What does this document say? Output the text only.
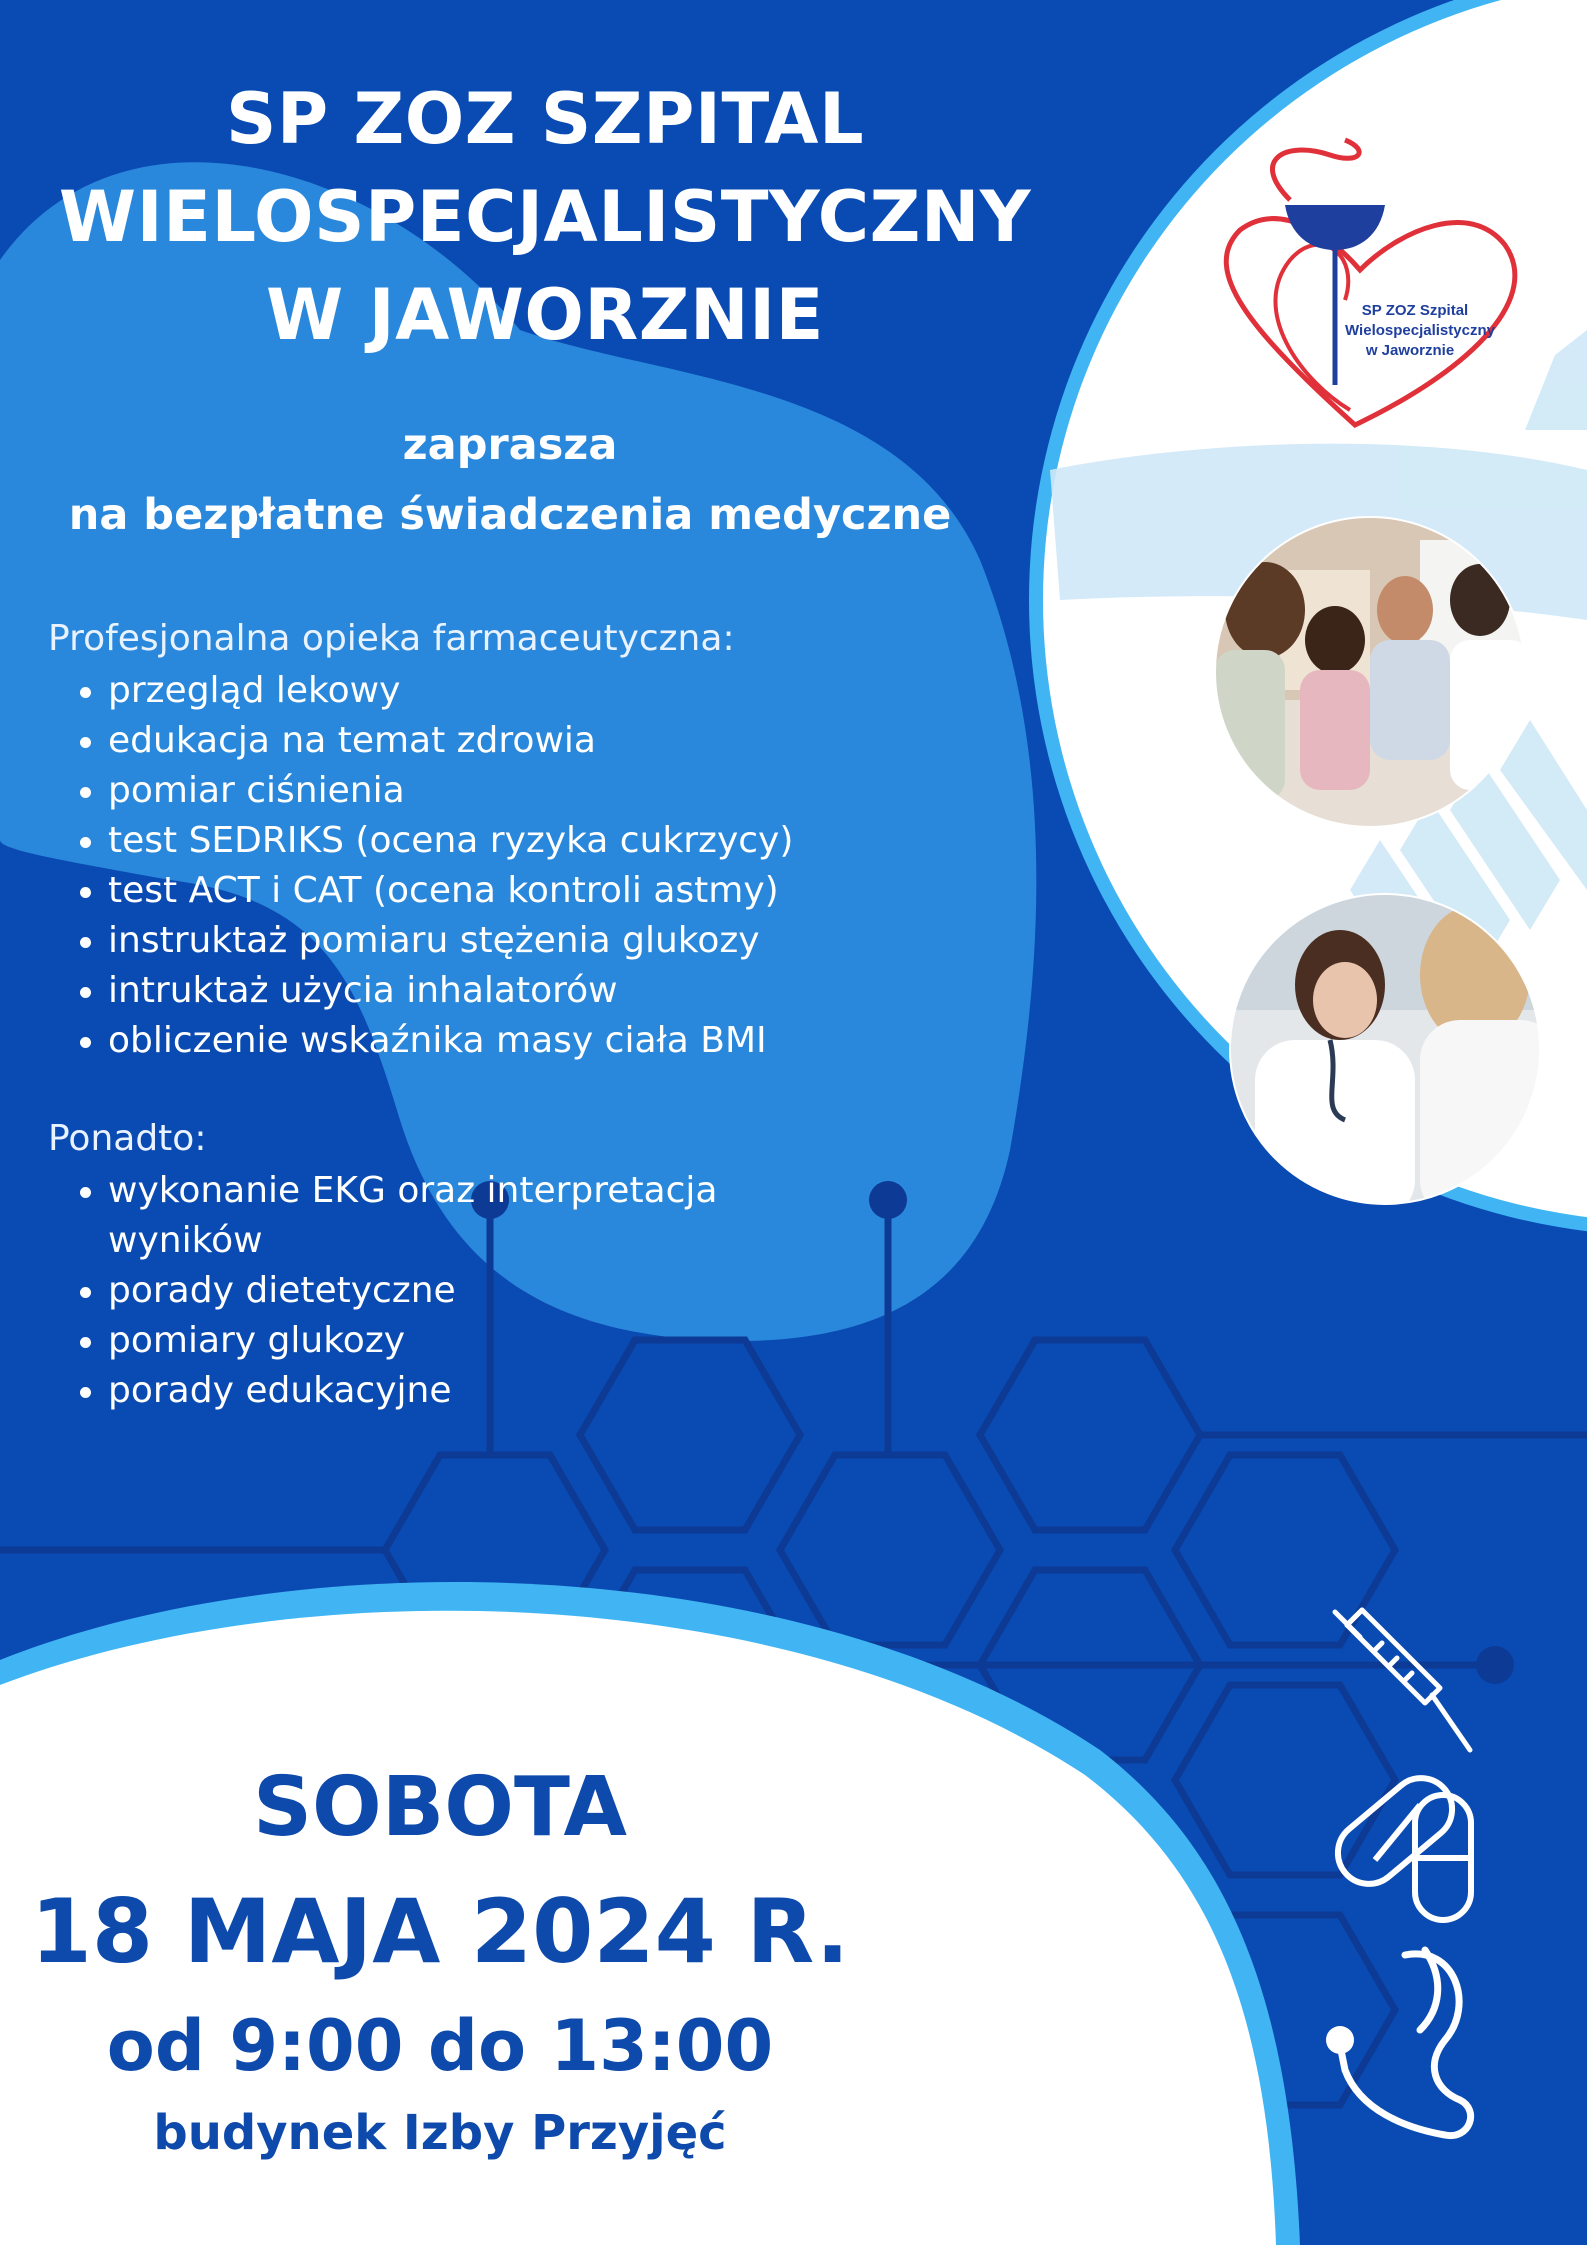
SP ZOZ Szpital
Wielospecjalistyczny
w Jaworznie
SP ZOZ SZPITAL
WIELOSPECJALISTYCZNY
W JAWORZNIE
zaprasza
na bezpłatne świadczenia medyczne
Profesjonalna opieka farmaceutyczna:
przegląd lekowy
edukacja na temat zdrowia
pomiar ciśnienia
test SEDRIKS (ocena ryzyka cukrzycy)
test ACT i CAT (ocena kontroli astmy)
instruktaż pomiaru stężenia glukozy
intruktaż użycia inhalatorów
obliczenie wskaźnika masy ciała BMI
Ponadto:
wykonanie EKG oraz interpretacja
wyników
porady dietetyczne
pomiary glukozy
porady edukacyjne
SOBOTA
18 MAJA 2024 R.
od 9:00 do 13:00
budynek Izby Przyjęć
